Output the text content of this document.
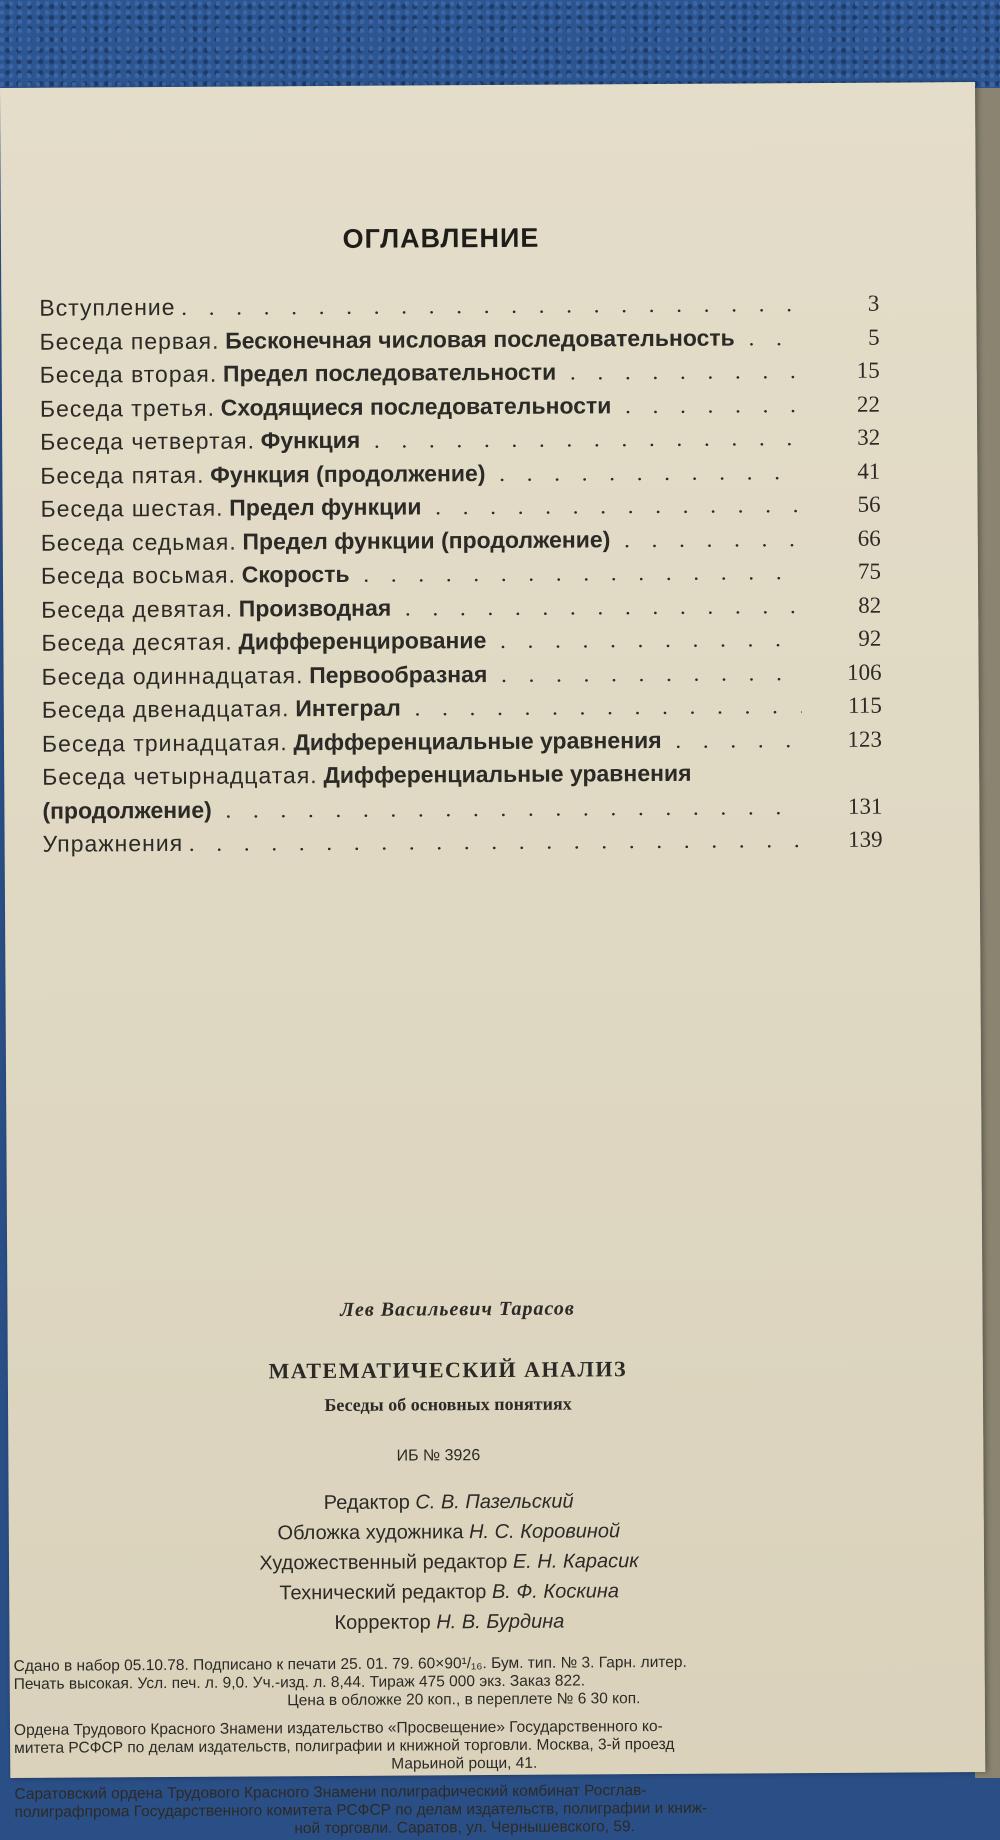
ОГЛАВЛЕНИЕ
Вступление . . .	3
Беседа первая. Бесконечная числовая последовательность . . .	5
Беседа вторая. Предел последовательности . . .	15
Беседа третья. Сходящиеся последовательности . . .	22
Беседа четвертая. Функция . . .	32
Беседа пятая. Функция (продолжение) . . .	41
Беседа шестая. Предел функции . . .	56
Беседа седьмая. Предел функции (продолжение) . . .	66
Беседа восьмая. Скорость . . .	75
Беседа девятая. Производная . . .	82
Беседа десятая. Дифференцирование . . .	92
Беседа одиннадцатая. Первообразная . . .	106
Беседа двенадцатая. Интеграл . . .	115
Беседа тринадцатая. Дифференциальные уравнения . . .	123
Беседа четырнадцатая. Дифференциальные уравнения
(продолжение) . . .	131
Упражнения . . .	139
Лев Васильевич Тарасов
МАТЕМАТИЧЕСКИЙ АНАЛИЗ
Беседы об основных понятиях
ИБ № 3926
Редактор С. В. Пазельский
Обложка художника Н. С. Коровиной
Художественный редактор Е. Н. Карасик
Технический редактор В. Ф. Коскина
Корректор Н. В. Бурдина
Сдано в набор 05.10.78. Подписано к печати 25. 01. 79. 60×90¹/₁₆. Бум. тип. № 3. Гарн. литер.
Печать высокая. Усл. печ. л. 9,0. Уч.-изд. л. 8,44. Тираж 475 000 экз. Заказ 822.
Цена в обложке 20 коп., в переплете № 6 30 коп.
Ордена Трудового Красного Знамени издательство «Просвещение» Государственного ко-
митета РСФСР по делам издательств, полиграфии и книжной торговли. Москва, 3-й проезд
Марьиной рощи, 41.
Саратовский ордена Трудового Красного Знамени полиграфический комбинат Росглав-
полиграфпрома Государственного комитета РСФСР по делам издательств, полиграфии и книж-
ной торговли. Саратов, ул. Чернышевского, 59.
